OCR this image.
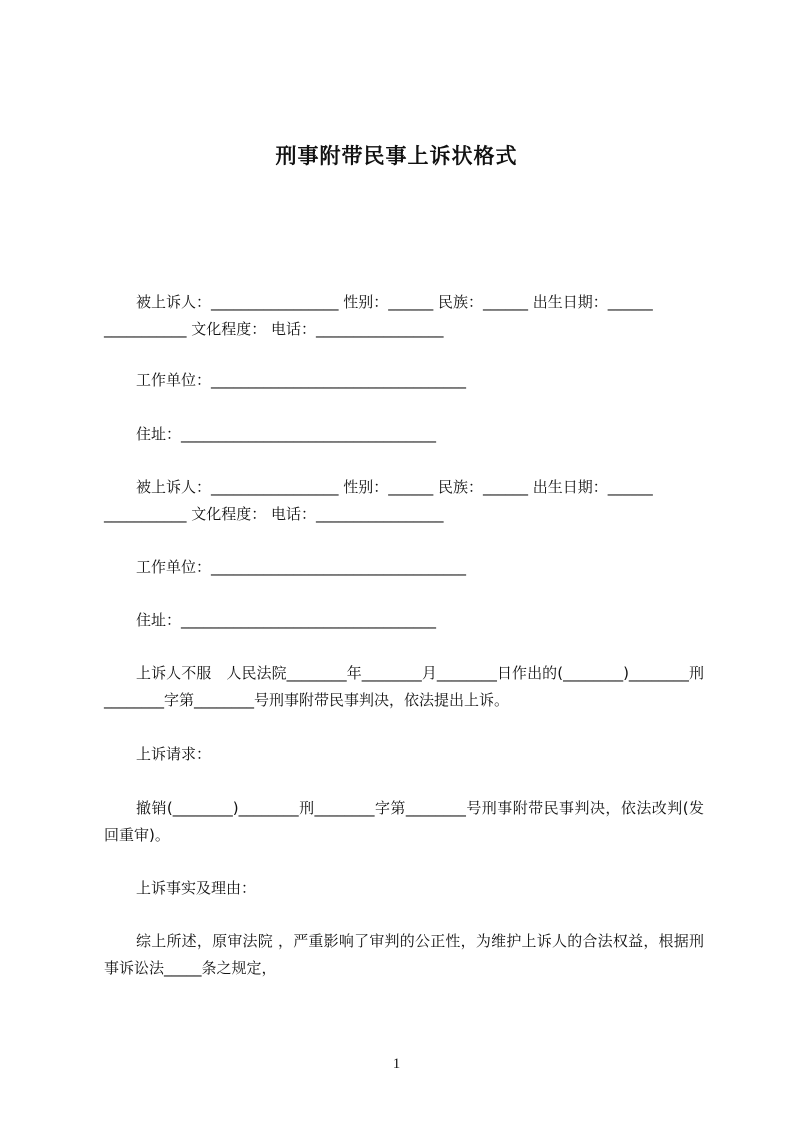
刑事附带民事上诉状格式

被上诉人：_________________ 性别：______ 民族：______ 出生日期：______

___________ 文化程度： 电话：_________________

工作单位：__________________________________
住址：__________________________________

被上诉人：_________________ 性别：______ 民族：______ 出生日期：______

___________ 文化程度： 电话：_________________

工作单位：__________________________________
住址：__________________________________

上诉人不服　人民法院________年________月________日作出的(________)________刑________字第________号刑事附带民事判决，依法提出上诉。

上诉请求：

撤销(________)________刑________字第________号刑事附带民事判决，依法改判(发回重审)。

上诉事实及理由：

综上所述，原审法院 ，严重影响了审判的公正性，为维护上诉人的合法权益，根据刑事诉讼法_____条之规定，

1
